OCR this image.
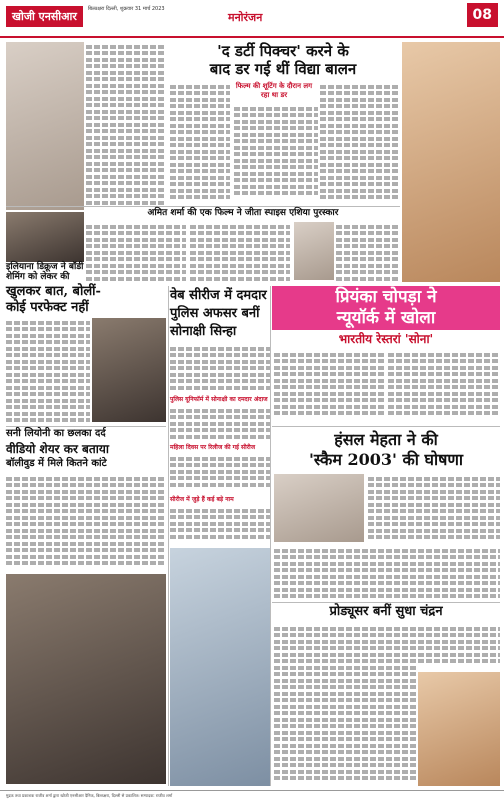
खोजी एनसीआर
बिल्ठक्षरा दिल्ली, शुक्रवार 31 मार्च 2023
मनोरंजन	08
'द डर्टी पिक्चर' करने के
बाद डर गई थीं विद्या बालन
फिल्म की शूटिंग के दौरान लग रहा था डर
अमित शर्मा की एक फिल्म ने जीता स्पाइस एशिया पुरस्कार
इलियाना डिक्रूज ने बॉडी
शेमिंग को लेकर की
खुलकर बात, बोलीं-
कोई परफेक्ट नहीं
वेब सीरीज में दमदार
पुलिस अफसर बनीं
सोनाक्षी सिन्हा
पुलिस यूनिफॉर्म में सोनाक्षी का दमदार अंदाज
महिला दिवस पर रिलीज की गई सीरीज
सीरीज में जुड़े हैं कई बड़े नाम
प्रियंका चोपड़ा ने
न्यूयॉर्क में खोला
भारतीय रेस्तरां 'सोना'
सनी लियोनी का छलका दर्द
वीडियो शेयर कर बताया
बॉलीवुड में मिले कितने कांटे
हंसल मेहता ने की
'स्कैम 2003' की घोषणा
प्रोड्यूसर बनीं सुधा चंद्रन
मुद्रक तथा प्रकाशक राजीव शर्मा द्वारा खोजी एनसीआर दैनिक, बिल्ठक्षरा, दिल्ली से प्रकाशित। सम्पादक: राजीव शर्मा
